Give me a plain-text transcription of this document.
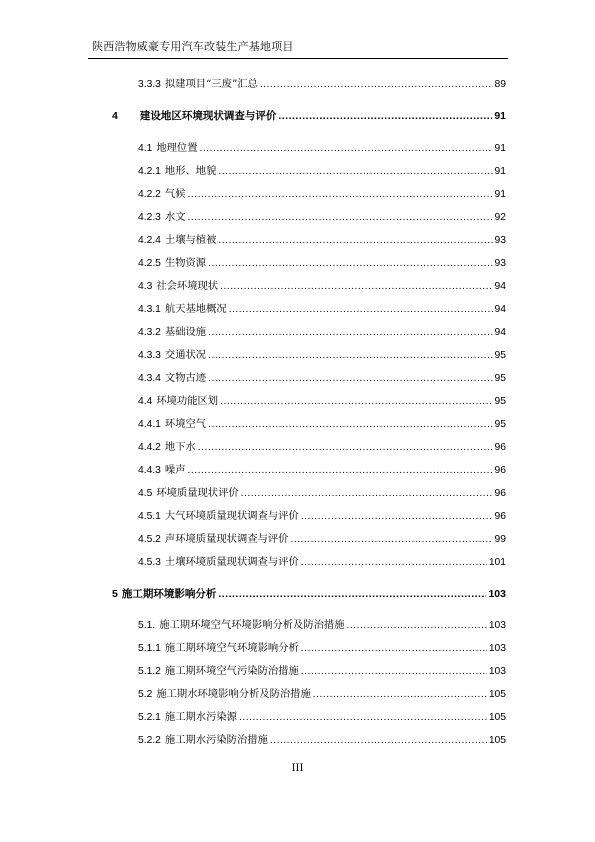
陕西浩物威豪专用汽车改装生产基地项目
3.3.3 拟建项目“三废”汇总 .....	89
4 建设地区环境现状调查与评价 .....	91
4.1 地理位置 .....	91
4.2.1 地形、地貌 .....	91
4.2.2 气候 .....	91
4.2.3 水文 .....	92
4.2.4 土壤与植被 .....	93
4.2.5 生物资源 .....	93
4.3 社会环境现状 .....	94
4.3.1 航天基地概况 .....	94
4.3.2 基础设施 .....	94
4.3.3 交通状况 .....	95
4.3.4 文物古迹 .....	95
4.4 环境功能区划 .....	95
4.4.1 环境空气 .....	95
4.4.2 地下水 .....	96
4.4.3 噪声 .....	96
4.5 环境质量现状评价 .....	96
4.5.1 大气环境质量现状调查与评价 .....	96
4.5.2 声环境质量现状调查与评价 .....	99
4.5.3 土壤环境质量现状调查与评价 .....	101
5 施工期环境影响分析 .....	103
5.1. 施工期环境空气环境影响分析及防治措施 .....	103
5.1.1 施工期环境空气环境影响分析 .....	103
5.1.2 施工期环境空气污染防治措施 .....	103
5.2 施工期水环境影响分析及防治措施 .....	105
5.2.1 施工期水污染源 .....	105
5.2.2 施工期水污染防治措施 .....	105
III
